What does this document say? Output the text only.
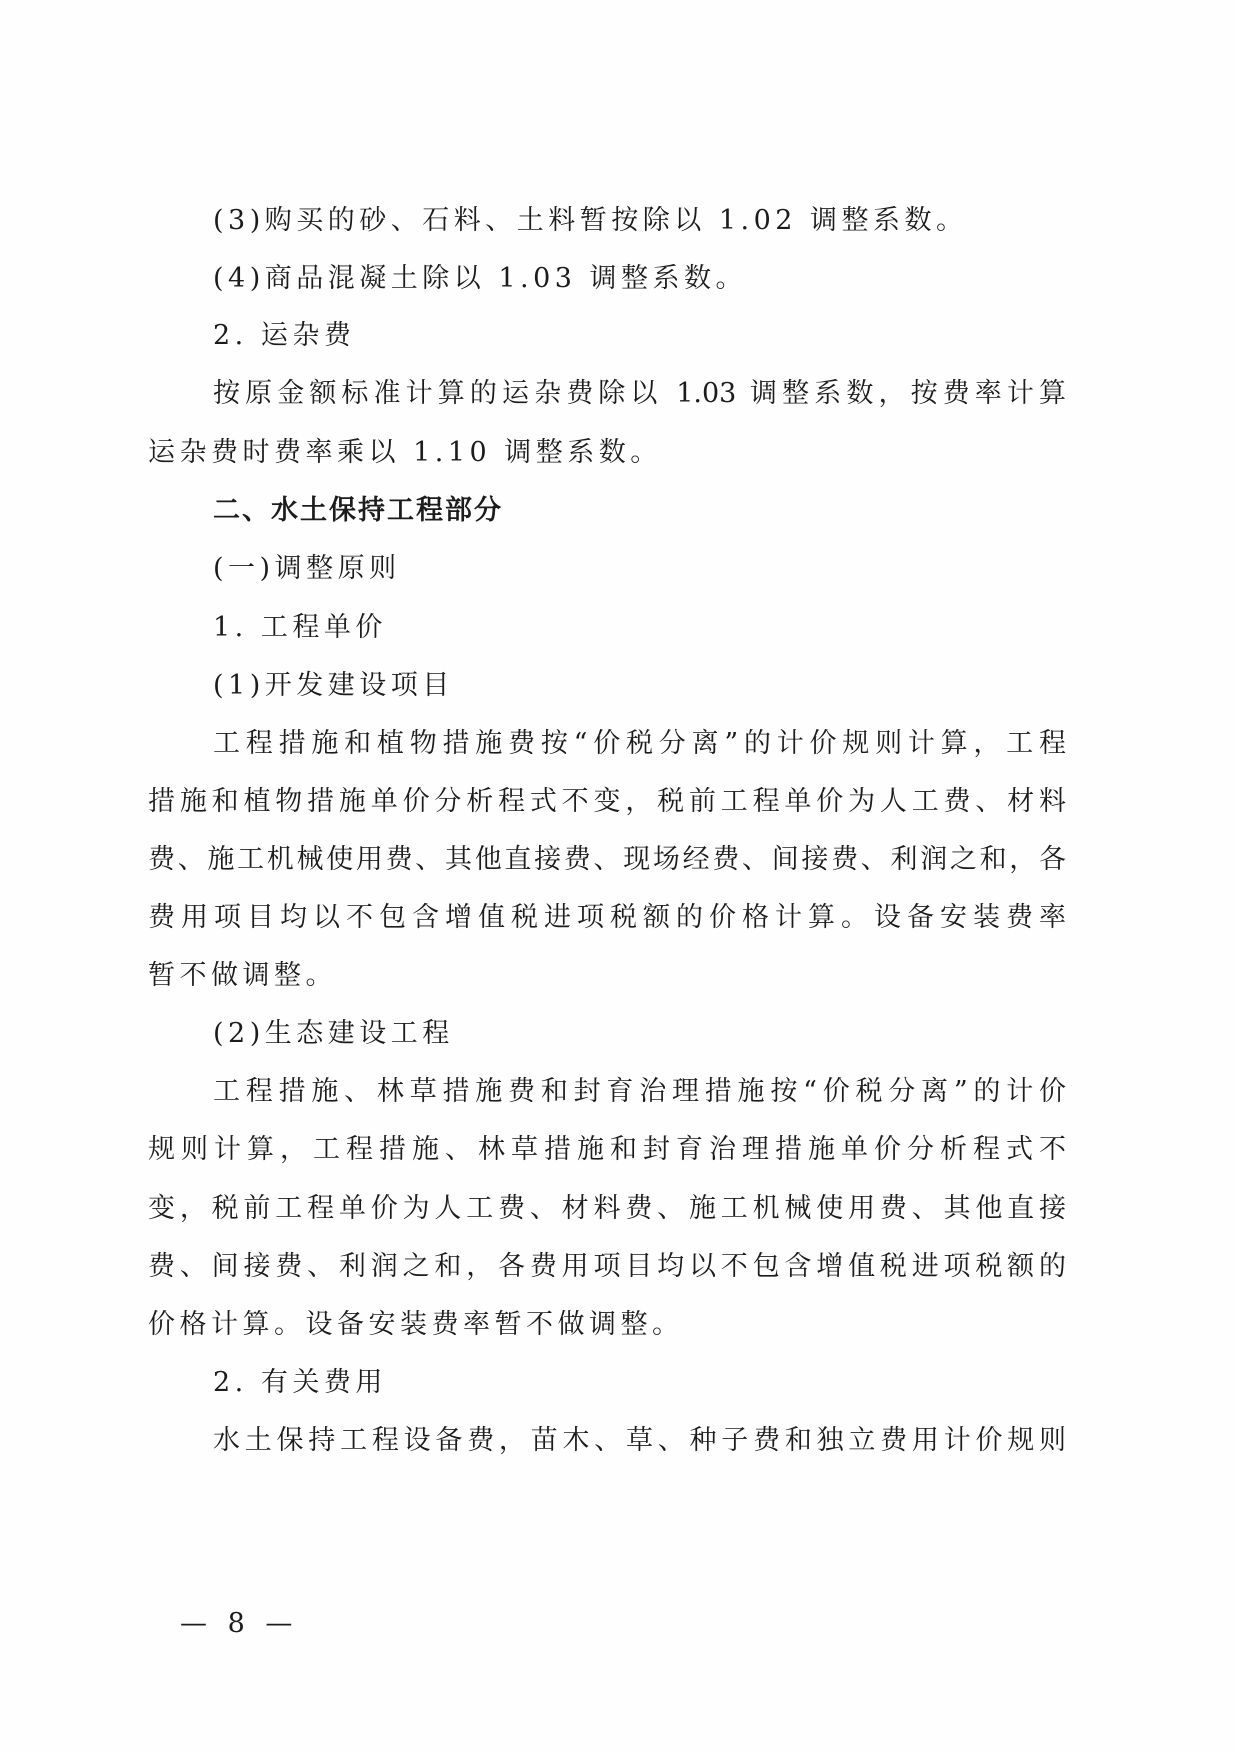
(3)购买的砂、石料、土料暂按除以 1.02 调整系数。
(4)商品混凝土除以 1.03 调整系数。
2. 运杂费
按原金额标准计算的运杂费除以 1.03 调整系数，按费率计算
运杂费时费率乘以 1.10 调整系数。
二、水土保持工程部分
(一)调整原则
1. 工程单价
(1)开发建设项目
工程措施和植物措施费按“价税分离”的计价规则计算，工程
措施和植物措施单价分析程式不变，税前工程单价为人工费、材料
费、施工机械使用费、其他直接费、现场经费、间接费、利润之和，各
费用项目均以不包含增值税进项税额的价格计算。设备安装费率
暂不做调整。
(2)生态建设工程
工程措施、林草措施费和封育治理措施按“价税分离”的计价
规则计算，工程措施、林草措施和封育治理措施单价分析程式不
变，税前工程单价为人工费、材料费、施工机械使用费、其他直接
费、间接费、利润之和，各费用项目均以不包含增值税进项税额的
价格计算。设备安装费率暂不做调整。
2. 有关费用
水土保持工程设备费，苗木、草、种子费和独立费用计价规则
— 8 —
